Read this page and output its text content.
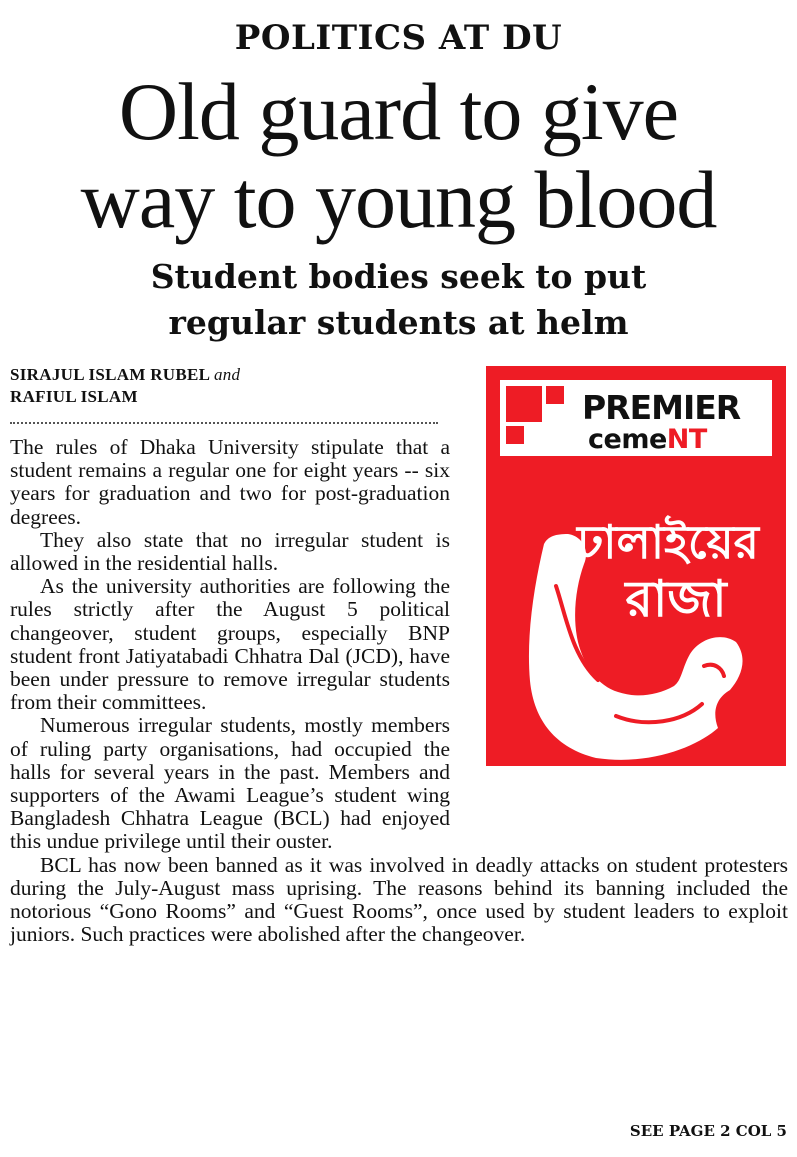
POLITICS AT DU
Old guard to give
way to young blood
Student bodies seek to put
regular students at helm
SIRAJUL ISLAM RUBEL and
RAFIUL ISLAM

The rules of Dhaka University stipulate that a student remains a regular one for eight years -- six years for graduation and two for post-graduation degrees.

They also state that no irregular student is allowed in the residential halls.

As the university authorities are following the rules strictly after the August 5 political changeover, student groups, especially BNP student front Jatiyatabadi Chhatra Dal (JCD), have been under pressure to remove irregular students from their committees.

Numerous irregular students, mostly members of ruling party organisations, had occupied the halls for several years in the past. Members and supporters of the Awami League’s student wing Bangladesh Chhatra League (BCL) had enjoyed this undue privilege until their ouster.

BCL has now been banned as it was involved in deadly attacks on student protesters during the July-August mass uprising. The reasons behind its banning included the notorious “Gono Rooms” and “Guest Rooms”, once used by student leaders to exploit juniors. Such practices were abolished after the changeover.

PREMIER
cemeNT
ঢালাইয়ের
রাজা
SEE PAGE 2 COL 5
